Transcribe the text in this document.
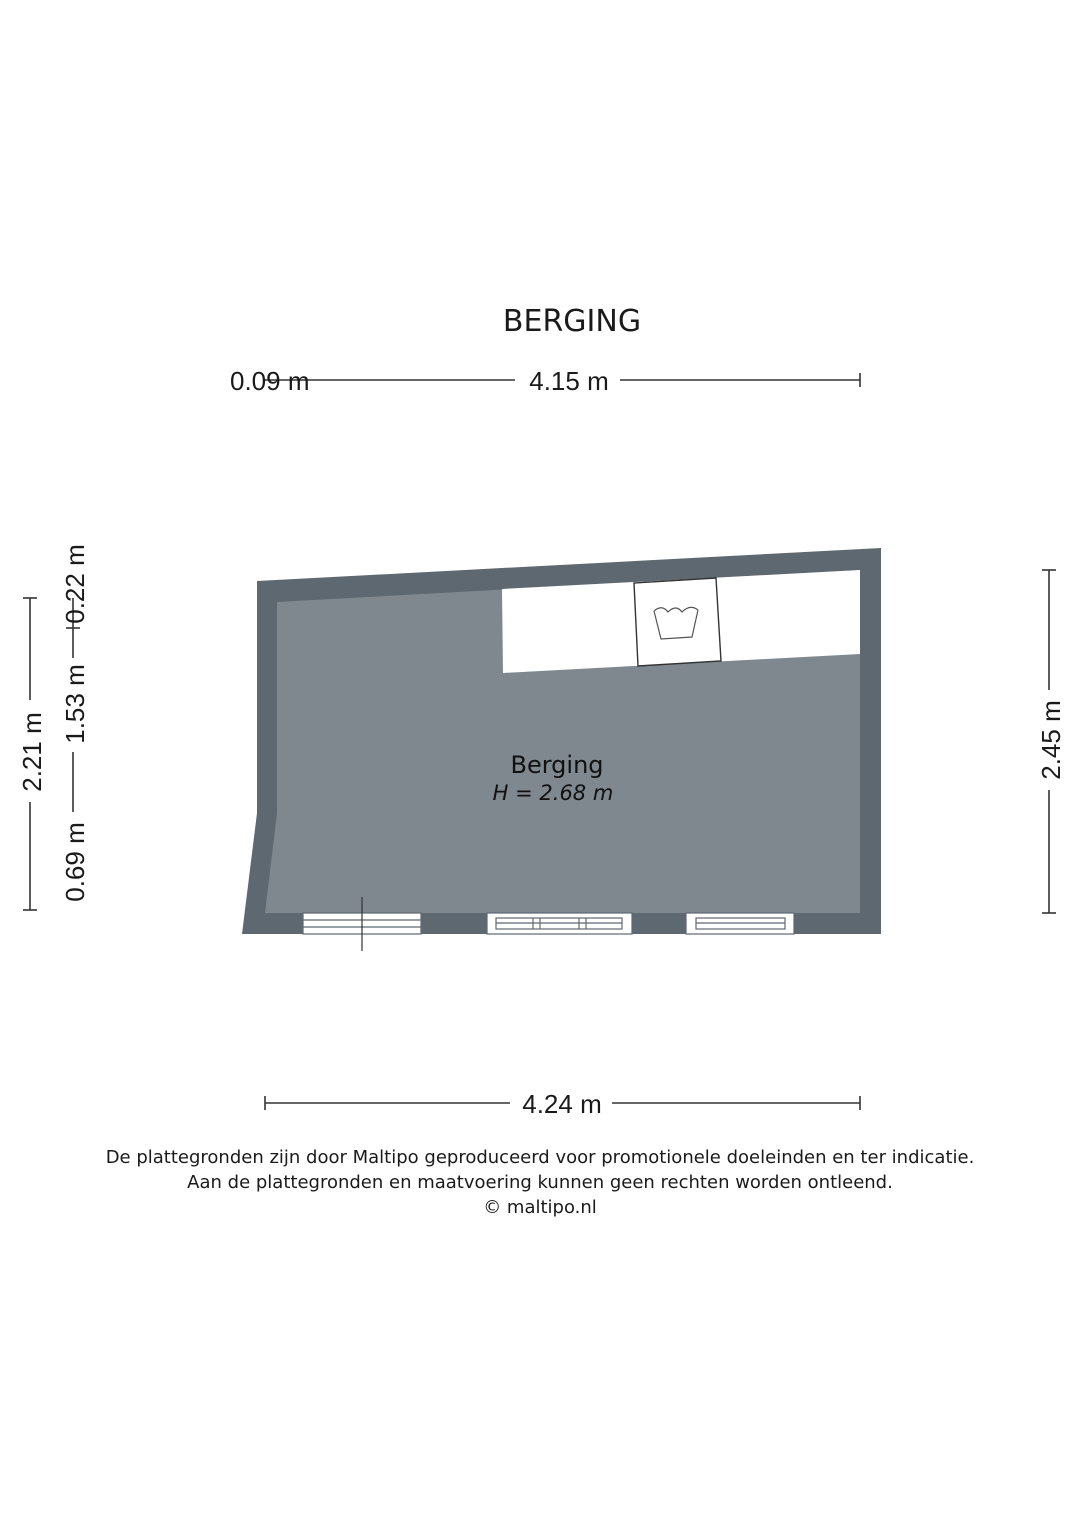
BERGING
0.09 m	4.15 m
2.21 m
0.69 m
1.53 m
0.22 m
2.45 m
Berging
H = 2.68 m
4.24 m
De plattegronden zijn door Maltipo geproduceerd voor promotionele doeleinden en ter indicatie.
Aan de plattegronden en maatvoering kunnen geen rechten worden ontleend.
© maltipo.nl
